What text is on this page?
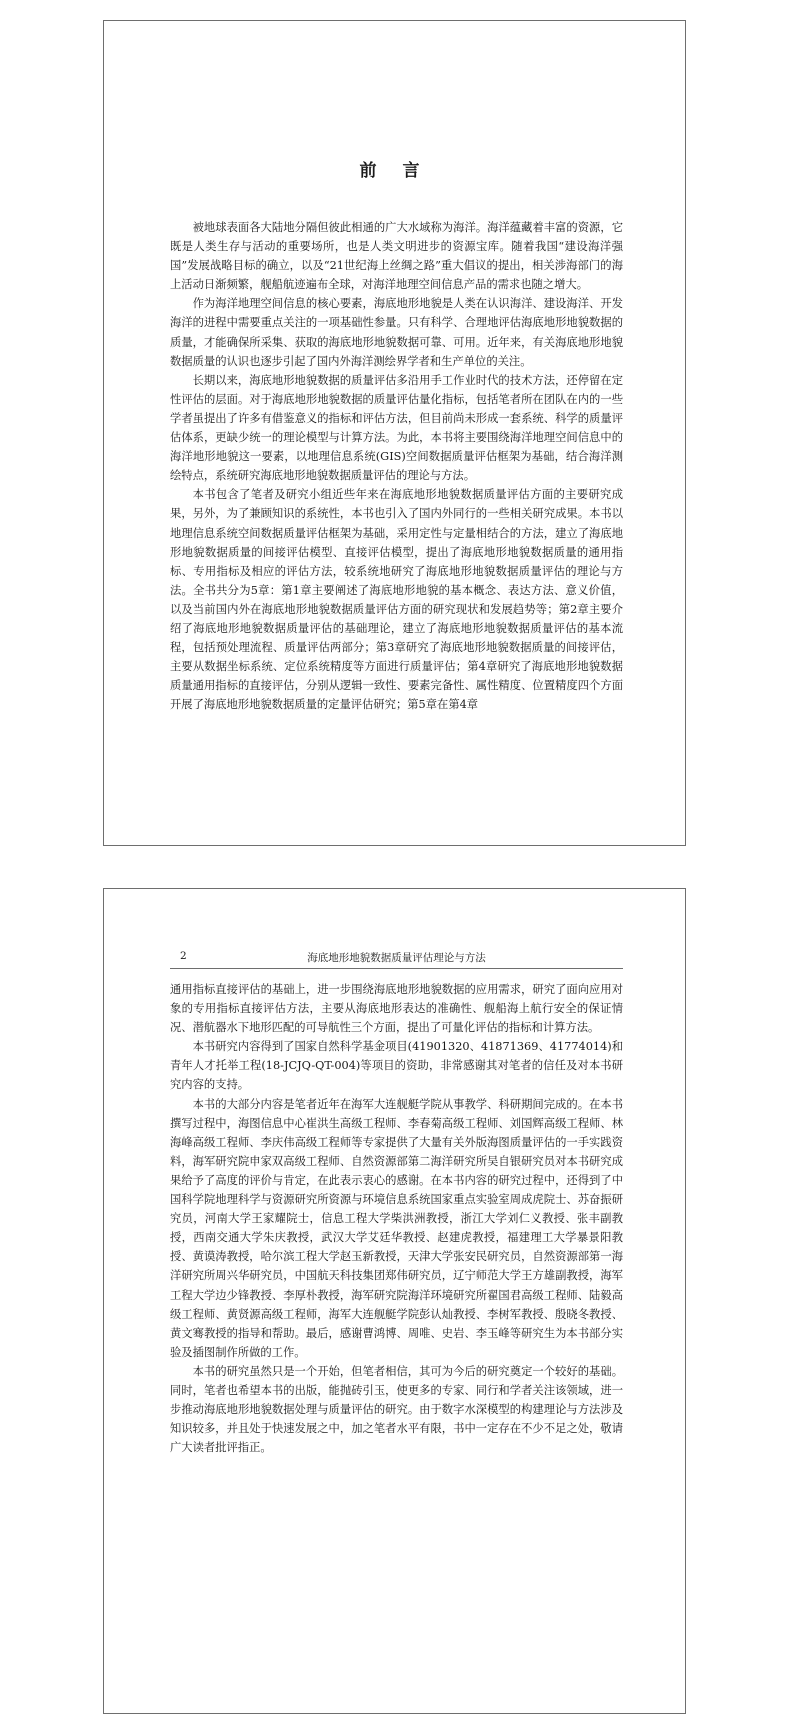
前 言

被地球表面各大陆地分隔但彼此相通的广大水域称为海洋。海洋蕴藏着丰富的资源，它既是人类生存与活动的重要场所，也是人类文明进步的资源宝库。随着我国“建设海洋强国”发展战略目标的确立，以及“21世纪海上丝绸之路”重大倡议的提出，相关涉海部门的海上活动日渐频繁，舰船航迹遍布全球，对海洋地理空间信息产品的需求也随之增大。

作为海洋地理空间信息的核心要素，海底地形地貌是人类在认识海洋、建设海洋、开发海洋的进程中需要重点关注的一项基础性参量。只有科学、合理地评估海底地形地貌数据的质量，才能确保所采集、获取的海底地形地貌数据可靠、可用。近年来，有关海底地形地貌数据质量的认识也逐步引起了国内外海洋测绘界学者和生产单位的关注。

长期以来，海底地形地貌数据的质量评估多沿用手工作业时代的技术方法，还停留在定性评估的层面。对于海底地形地貌数据的质量评估量化指标，包括笔者所在团队在内的一些学者虽提出了许多有借鉴意义的指标和评估方法，但目前尚未形成一套系统、科学的质量评估体系，更缺少统一的理论模型与计算方法。为此，本书将主要围绕海洋地理空间信息中的海洋地形地貌这一要素，以地理信息系统(GIS)空间数据质量评估框架为基础，结合海洋测绘特点，系统研究海底地形地貌数据质量评估的理论与方法。

本书包含了笔者及研究小组近些年来在海底地形地貌数据质量评估方面的主要研究成果，另外，为了兼顾知识的系统性，本书也引入了国内外同行的一些相关研究成果。本书以地理信息系统空间数据质量评估框架为基础，采用定性与定量相结合的方法，建立了海底地形地貌数据质量的间接评估模型、直接评估模型，提出了海底地形地貌数据质量的通用指标、专用指标及相应的评估方法，较系统地研究了海底地形地貌数据质量评估的理论与方法。全书共分为5章：第1章主要阐述了海底地形地貌的基本概念、表达方法、意义价值，以及当前国内外在海底地形地貌数据质量评估方面的研究现状和发展趋势等；第2章主要介绍了海底地形地貌数据质量评估的基础理论，建立了海底地形地貌数据质量评估的基本流程，包括预处理流程、质量评估两部分；第3章研究了海底地形地貌数据质量的间接评估，主要从数据坐标系统、定位系统精度等方面进行质量评估；第4章研究了海底地形地貌数据质量通用指标的直接评估，分别从逻辑一致性、要素完备性、属性精度、位置精度四个方面开展了海底地形地貌数据质量的定量评估研究；第5章在第4章

2	海底地形地貌数据质量评估理论与方法

通用指标直接评估的基础上，进一步围绕海底地形地貌数据的应用需求，研究了面向应用对象的专用指标直接评估方法，主要从海底地形表达的准确性、舰船海上航行安全的保证情况、潜航器水下地形匹配的可导航性三个方面，提出了可量化评估的指标和计算方法。

本书研究内容得到了国家自然科学基金项目(41901320、41871369、41774014)和青年人才托举工程(18-JCJQ-QT-004)等项目的资助，非常感谢其对笔者的信任及对本书研究内容的支持。

本书的大部分内容是笔者近年在海军大连舰艇学院从事教学、科研期间完成的。在本书撰写过程中，海图信息中心崔洪生高级工程师、李春菊高级工程师、刘国辉高级工程师、林海峰高级工程师、李庆伟高级工程师等专家提供了大量有关外版海图质量评估的一手实践资料，海军研究院申家双高级工程师、自然资源部第二海洋研究所吴自银研究员对本书研究成果给予了高度的评价与肯定，在此表示衷心的感谢。在本书内容的研究过程中，还得到了中国科学院地理科学与资源研究所资源与环境信息系统国家重点实验室周成虎院士、苏奋振研究员，河南大学王家耀院士，信息工程大学柴洪洲教授，浙江大学刘仁义教授、张丰副教授，西南交通大学朱庆教授，武汉大学艾廷华教授、赵建虎教授，福建理工大学暴景阳教授、黄谟涛教授，哈尔滨工程大学赵玉新教授，天津大学张安民研究员，自然资源部第一海洋研究所周兴华研究员，中国航天科技集团郑伟研究员，辽宁师范大学王方雄副教授，海军工程大学边少锋教授、李厚朴教授，海军研究院海洋环境研究所翟国君高级工程师、陆毅高级工程师、黄贤源高级工程师，海军大连舰艇学院彭认灿教授、李树军教授、殷晓冬教授、黄文骞教授的指导和帮助。最后，感谢曹鸿博、周唯、史岩、李玉峰等研究生为本书部分实验及插图制作所做的工作。

本书的研究虽然只是一个开始，但笔者相信，其可为今后的研究奠定一个较好的基础。同时，笔者也希望本书的出版，能抛砖引玉，使更多的专家、同行和学者关注该领域，进一步推动海底地形地貌数据处理与质量评估的研究。由于数字水深模型的构建理论与方法涉及知识较多，并且处于快速发展之中，加之笔者水平有限，书中一定存在不少不足之处，敬请广大读者批评指正。
